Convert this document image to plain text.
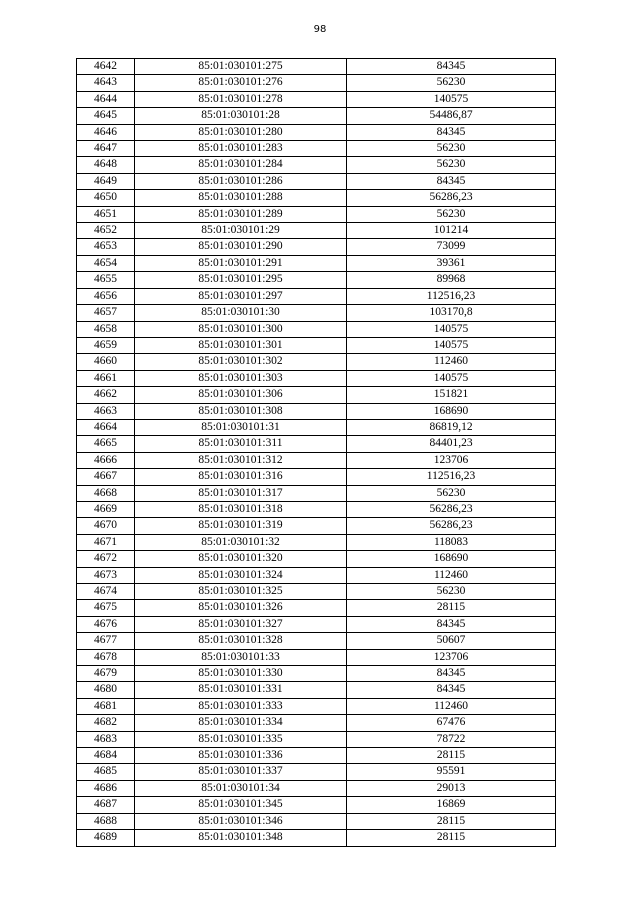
98
4642	85:01:030101:275	84345
4643	85:01:030101:276	56230
4644	85:01:030101:278	140575
4645	85:01:030101:28	54486,87
4646	85:01:030101:280	84345
4647	85:01:030101:283	56230
4648	85:01:030101:284	56230
4649	85:01:030101:286	84345
4650	85:01:030101:288	56286,23
4651	85:01:030101:289	56230
4652	85:01:030101:29	101214
4653	85:01:030101:290	73099
4654	85:01:030101:291	39361
4655	85:01:030101:295	89968
4656	85:01:030101:297	112516,23
4657	85:01:030101:30	103170,8
4658	85:01:030101:300	140575
4659	85:01:030101:301	140575
4660	85:01:030101:302	112460
4661	85:01:030101:303	140575
4662	85:01:030101:306	151821
4663	85:01:030101:308	168690
4664	85:01:030101:31	86819,12
4665	85:01:030101:311	84401,23
4666	85:01:030101:312	123706
4667	85:01:030101:316	112516,23
4668	85:01:030101:317	56230
4669	85:01:030101:318	56286,23
4670	85:01:030101:319	56286,23
4671	85:01:030101:32	118083
4672	85:01:030101:320	168690
4673	85:01:030101:324	112460
4674	85:01:030101:325	56230
4675	85:01:030101:326	28115
4676	85:01:030101:327	84345
4677	85:01:030101:328	50607
4678	85:01:030101:33	123706
4679	85:01:030101:330	84345
4680	85:01:030101:331	84345
4681	85:01:030101:333	112460
4682	85:01:030101:334	67476
4683	85:01:030101:335	78722
4684	85:01:030101:336	28115
4685	85:01:030101:337	95591
4686	85:01:030101:34	29013
4687	85:01:030101:345	16869
4688	85:01:030101:346	28115
4689	85:01:030101:348	28115
